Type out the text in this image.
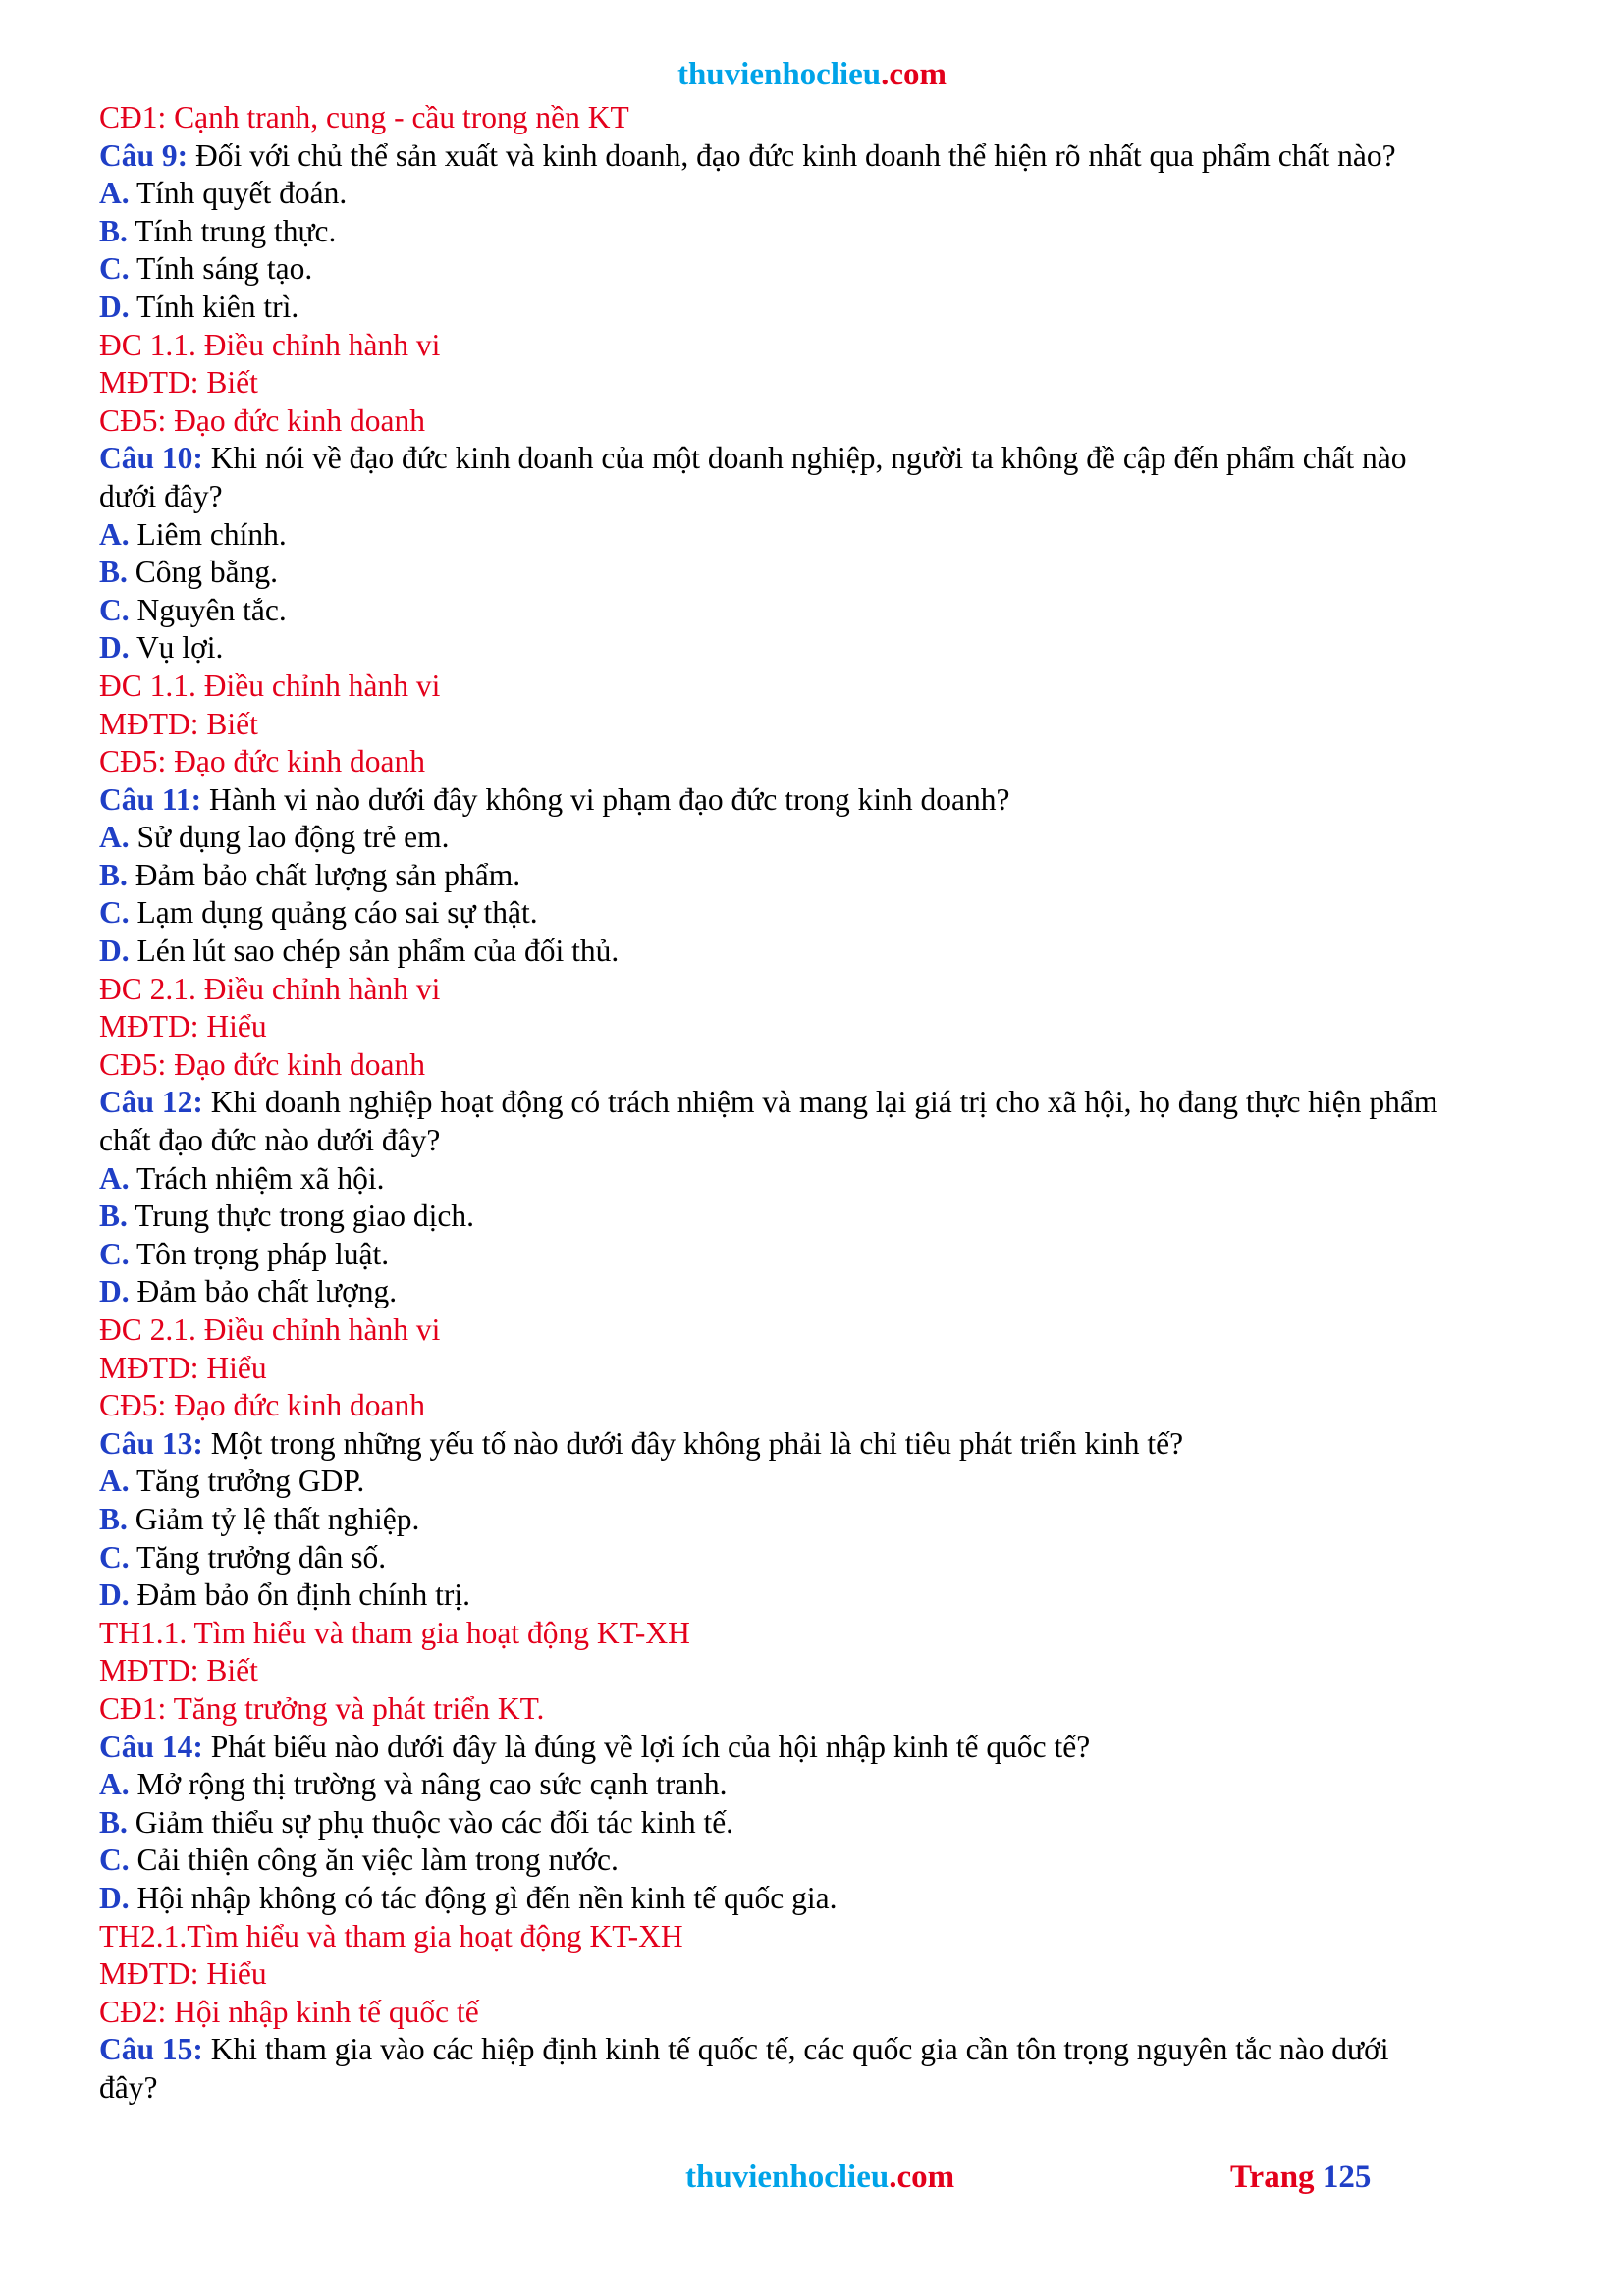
thuvienhoclieu.com
CĐ1: Cạnh tranh, cung - cầu trong nền KT
Câu 9: Đối với chủ thể sản xuất và kinh doanh, đạo đức kinh doanh thể hiện rõ nhất qua phẩm chất nào?
A. Tính quyết đoán.
B. Tính trung thực.
C. Tính sáng tạo.
D. Tính kiên trì.
ĐC 1.1. Điều chỉnh hành vi
MĐTD: Biết
CĐ5: Đạo đức kinh doanh
Câu 10: Khi nói về đạo đức kinh doanh của một doanh nghiệp, người ta không đề cập đến phẩm chất nào
dưới đây?
A. Liêm chính.
B. Công bằng.
C. Nguyên tắc.
D. Vụ lợi.
ĐC 1.1. Điều chỉnh hành vi
MĐTD: Biết
CĐ5: Đạo đức kinh doanh
Câu 11: Hành vi nào dưới đây không vi phạm đạo đức trong kinh doanh?
A. Sử dụng lao động trẻ em.
B. Đảm bảo chất lượng sản phẩm.
C. Lạm dụng quảng cáo sai sự thật.
D. Lén lút sao chép sản phẩm của đối thủ.
ĐC 2.1. Điều chỉnh hành vi
MĐTD: Hiểu
CĐ5: Đạo đức kinh doanh
Câu 12: Khi doanh nghiệp hoạt động có trách nhiệm và mang lại giá trị cho xã hội, họ đang thực hiện phẩm
chất đạo đức nào dưới đây?
A. Trách nhiệm xã hội.
B. Trung thực trong giao dịch.
C. Tôn trọng pháp luật.
D. Đảm bảo chất lượng.
ĐC 2.1. Điều chỉnh hành vi
MĐTD: Hiểu
CĐ5: Đạo đức kinh doanh
Câu 13: Một trong những yếu tố nào dưới đây không phải là chỉ tiêu phát triển kinh tế?
A. Tăng trưởng GDP.
B. Giảm tỷ lệ thất nghiệp.
C. Tăng trưởng dân số.
D. Đảm bảo ổn định chính trị.
TH1.1. Tìm hiểu và tham gia hoạt động KT-XH
MĐTD: Biết
CĐ1: Tăng trưởng và phát triển KT.
Câu 14: Phát biểu nào dưới đây là đúng về lợi ích của hội nhập kinh tế quốc tế?
A. Mở rộng thị trường và nâng cao sức cạnh tranh.
B. Giảm thiểu sự phụ thuộc vào các đối tác kinh tế.
C. Cải thiện công ăn việc làm trong nước.
D. Hội nhập không có tác động gì đến nền kinh tế quốc gia.
TH2.1.Tìm hiểu và tham gia hoạt động KT-XH
MĐTD: Hiểu
CĐ2: Hội nhập kinh tế quốc tế
Câu 15: Khi tham gia vào các hiệp định kinh tế quốc tế, các quốc gia cần tôn trọng nguyên tắc nào dưới
đây?
thuvienhoclieu.com	Trang 125
